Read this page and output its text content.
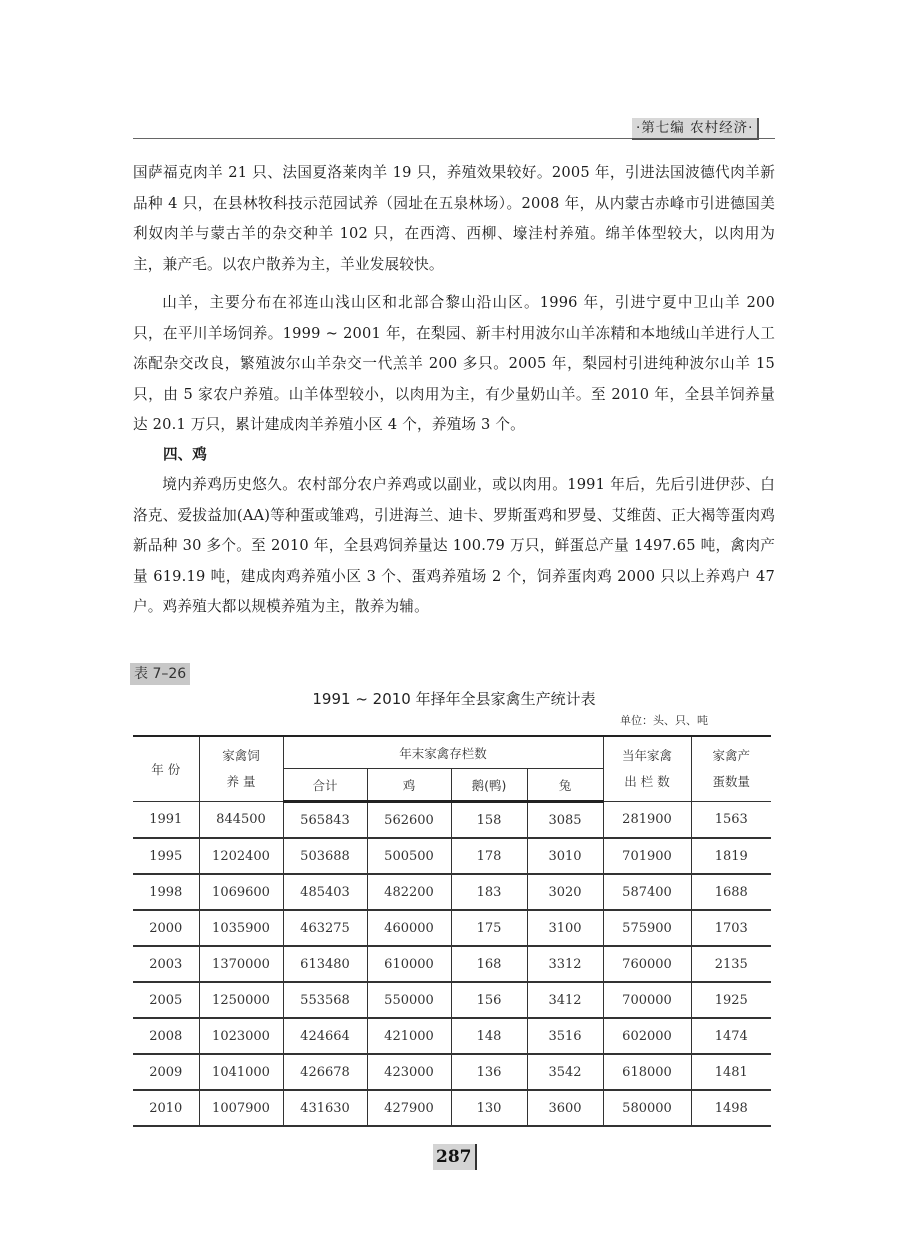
·第七编 农村经济·

国萨福克肉羊 21 只、法国夏洛莱肉羊 19 只，养殖效果较好。2005 年，引进法国波德代肉羊新品种 4 只，在县林牧科技示范园试养（园址在五泉林场）。2008 年，从内蒙古赤峰市引进德国美利奴肉羊与蒙古羊的杂交种羊 102 只，在西湾、西柳、壕洼村养殖。绵羊体型较大，以肉用为主，兼产毛。以农户散养为主，羊业发展较快。

山羊，主要分布在祁连山浅山区和北部合黎山沿山区。1996 年，引进宁夏中卫山羊 200 只，在平川羊场饲养。1999 ~ 2001 年，在梨园、新丰村用波尔山羊冻精和本地绒山羊进行人工冻配杂交改良，繁殖波尔山羊杂交一代羔羊 200 多只。2005 年，梨园村引进纯种波尔山羊 15 只，由 5 家农户养殖。山羊体型较小，以肉用为主，有少量奶山羊。至 2010 年，全县羊饲养量达 20.1 万只，累计建成肉羊养殖小区 4 个，养殖场 3 个。

四、鸡

境内养鸡历史悠久。农村部分农户养鸡或以副业，或以肉用。1991 年后，先后引进伊莎、白洛克、爱拔益加(AA)等种蛋或雏鸡，引进海兰、迪卡、罗斯蛋鸡和罗曼、艾维茵、正大褐等蛋肉鸡新品种 30 多个。至 2010 年，全县鸡饲养量达 100.79 万只，鲜蛋总产量 1497.65 吨，禽肉产量 619.19 吨，建成肉鸡养殖小区 3 个、蛋鸡养殖场 2 个，饲养蛋肉鸡 2000 只以上养鸡户 47 户。鸡养殖大都以规模养殖为主，散养为辅。

表 7–26
1991 ~ 2010 年择年全县家禽生产统计表
单位：头、只、吨
年 份	家禽饲养 量	年末家禽存栏数				当年家禽出 栏 数	家禽产蛋数量
		合计	鸡	鹅(鸭)	兔		
1991	844500	565843	562600	158	3085	281900	1563
1995	1202400	503688	500500	178	3010	701900	1819
1998	1069600	485403	482200	183	3020	587400	1688
2000	1035900	463275	460000	175	3100	575900	1703
2003	1370000	613480	610000	168	3312	760000	2135
2005	1250000	553568	550000	156	3412	700000	1925
2008	1023000	424664	421000	148	3516	602000	1474
2009	1041000	426678	423000	136	3542	618000	1481
2010	1007900	431630	427900	130	3600	580000	1498
287
